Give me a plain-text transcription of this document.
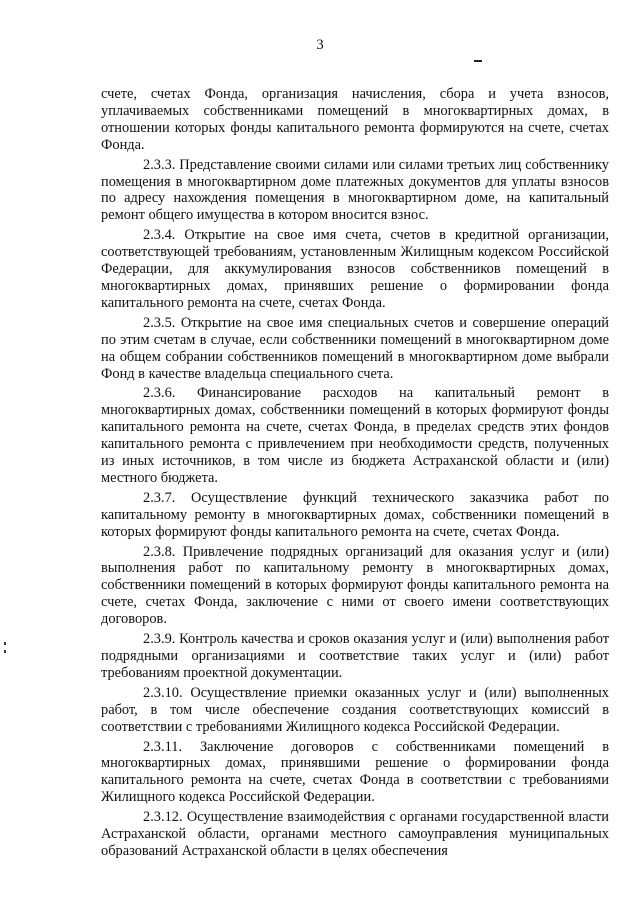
3

счете, счетах Фонда, организация начисления, сбора и учета взносов, уплачиваемых собственниками помещений в многоквартирных домах, в отношении которых фонды капитального ремонта формируются на счете, счетах Фонда.

2.3.3. Представление своими силами или силами третьих лиц собственнику помещения в многоквартирном доме платежных документов для уплаты взносов по адресу нахождения помещения в многоквартирном доме, на капитальный ремонт общего имущества в котором вносится взнос.

2.3.4. Открытие на свое имя счета, счетов в кредитной организации, соответствующей требованиям, установленным Жилищным кодексом Российской Федерации, для аккумулирования взносов собственников помещений в многоквартирных домах, принявших решение о формировании фонда капитального ремонта на счете, счетах Фонда.

2.3.5. Открытие на свое имя специальных счетов и совершение операций по этим счетам в случае, если собственники помещений в многоквартирном доме на общем собрании собственников помещений в многоквартирном доме выбрали Фонд в качестве владельца специального счета.

2.3.6. Финансирование расходов на капитальный ремонт в многоквартирных домах, собственники помещений в которых формируют фонды капитального ремонта на счете, счетах Фонда, в пределах средств этих фондов капитального ремонта с привлечением при необходимости средств, полученных из иных источников, в том числе из бюджета Астраханской области и (или) местного бюджета.

2.3.7. Осуществление функций технического заказчика работ по капитальному ремонту в многоквартирных домах, собственники помещений в которых формируют фонды капитального ремонта на счете, счетах Фонда.

2.3.8. Привлечение подрядных организаций для оказания услуг и (или) выполнения работ по капитальному ремонту в многоквартирных домах, собственники помещений в которых формируют фонды капитального ремонта на счете, счетах Фонда, заключение с ними от своего имени соответствующих договоров.

2.3.9. Контроль качества и сроков оказания услуг и (или) выполнения работ подрядными организациями и соответствие таких услуг и (или) работ требованиям проектной документации.

2.3.10. Осуществление приемки оказанных услуг и (или) выполненных работ, в том числе обеспечение создания соответствующих комиссий в соответствии с требованиями Жилищного кодекса Российской Федерации.

2.3.11. Заключение договоров с собственниками помещений в многоквартирных домах, принявшими решение о формировании фонда капитального ремонта на счете, счетах Фонда в соответствии с требованиями Жилищного кодекса Российской Федерации.

2.3.12. Осуществление взаимодействия с органами государственной власти Астраханской области, органами местного самоуправления муниципальных образований Астраханской области в целях обеспечения
